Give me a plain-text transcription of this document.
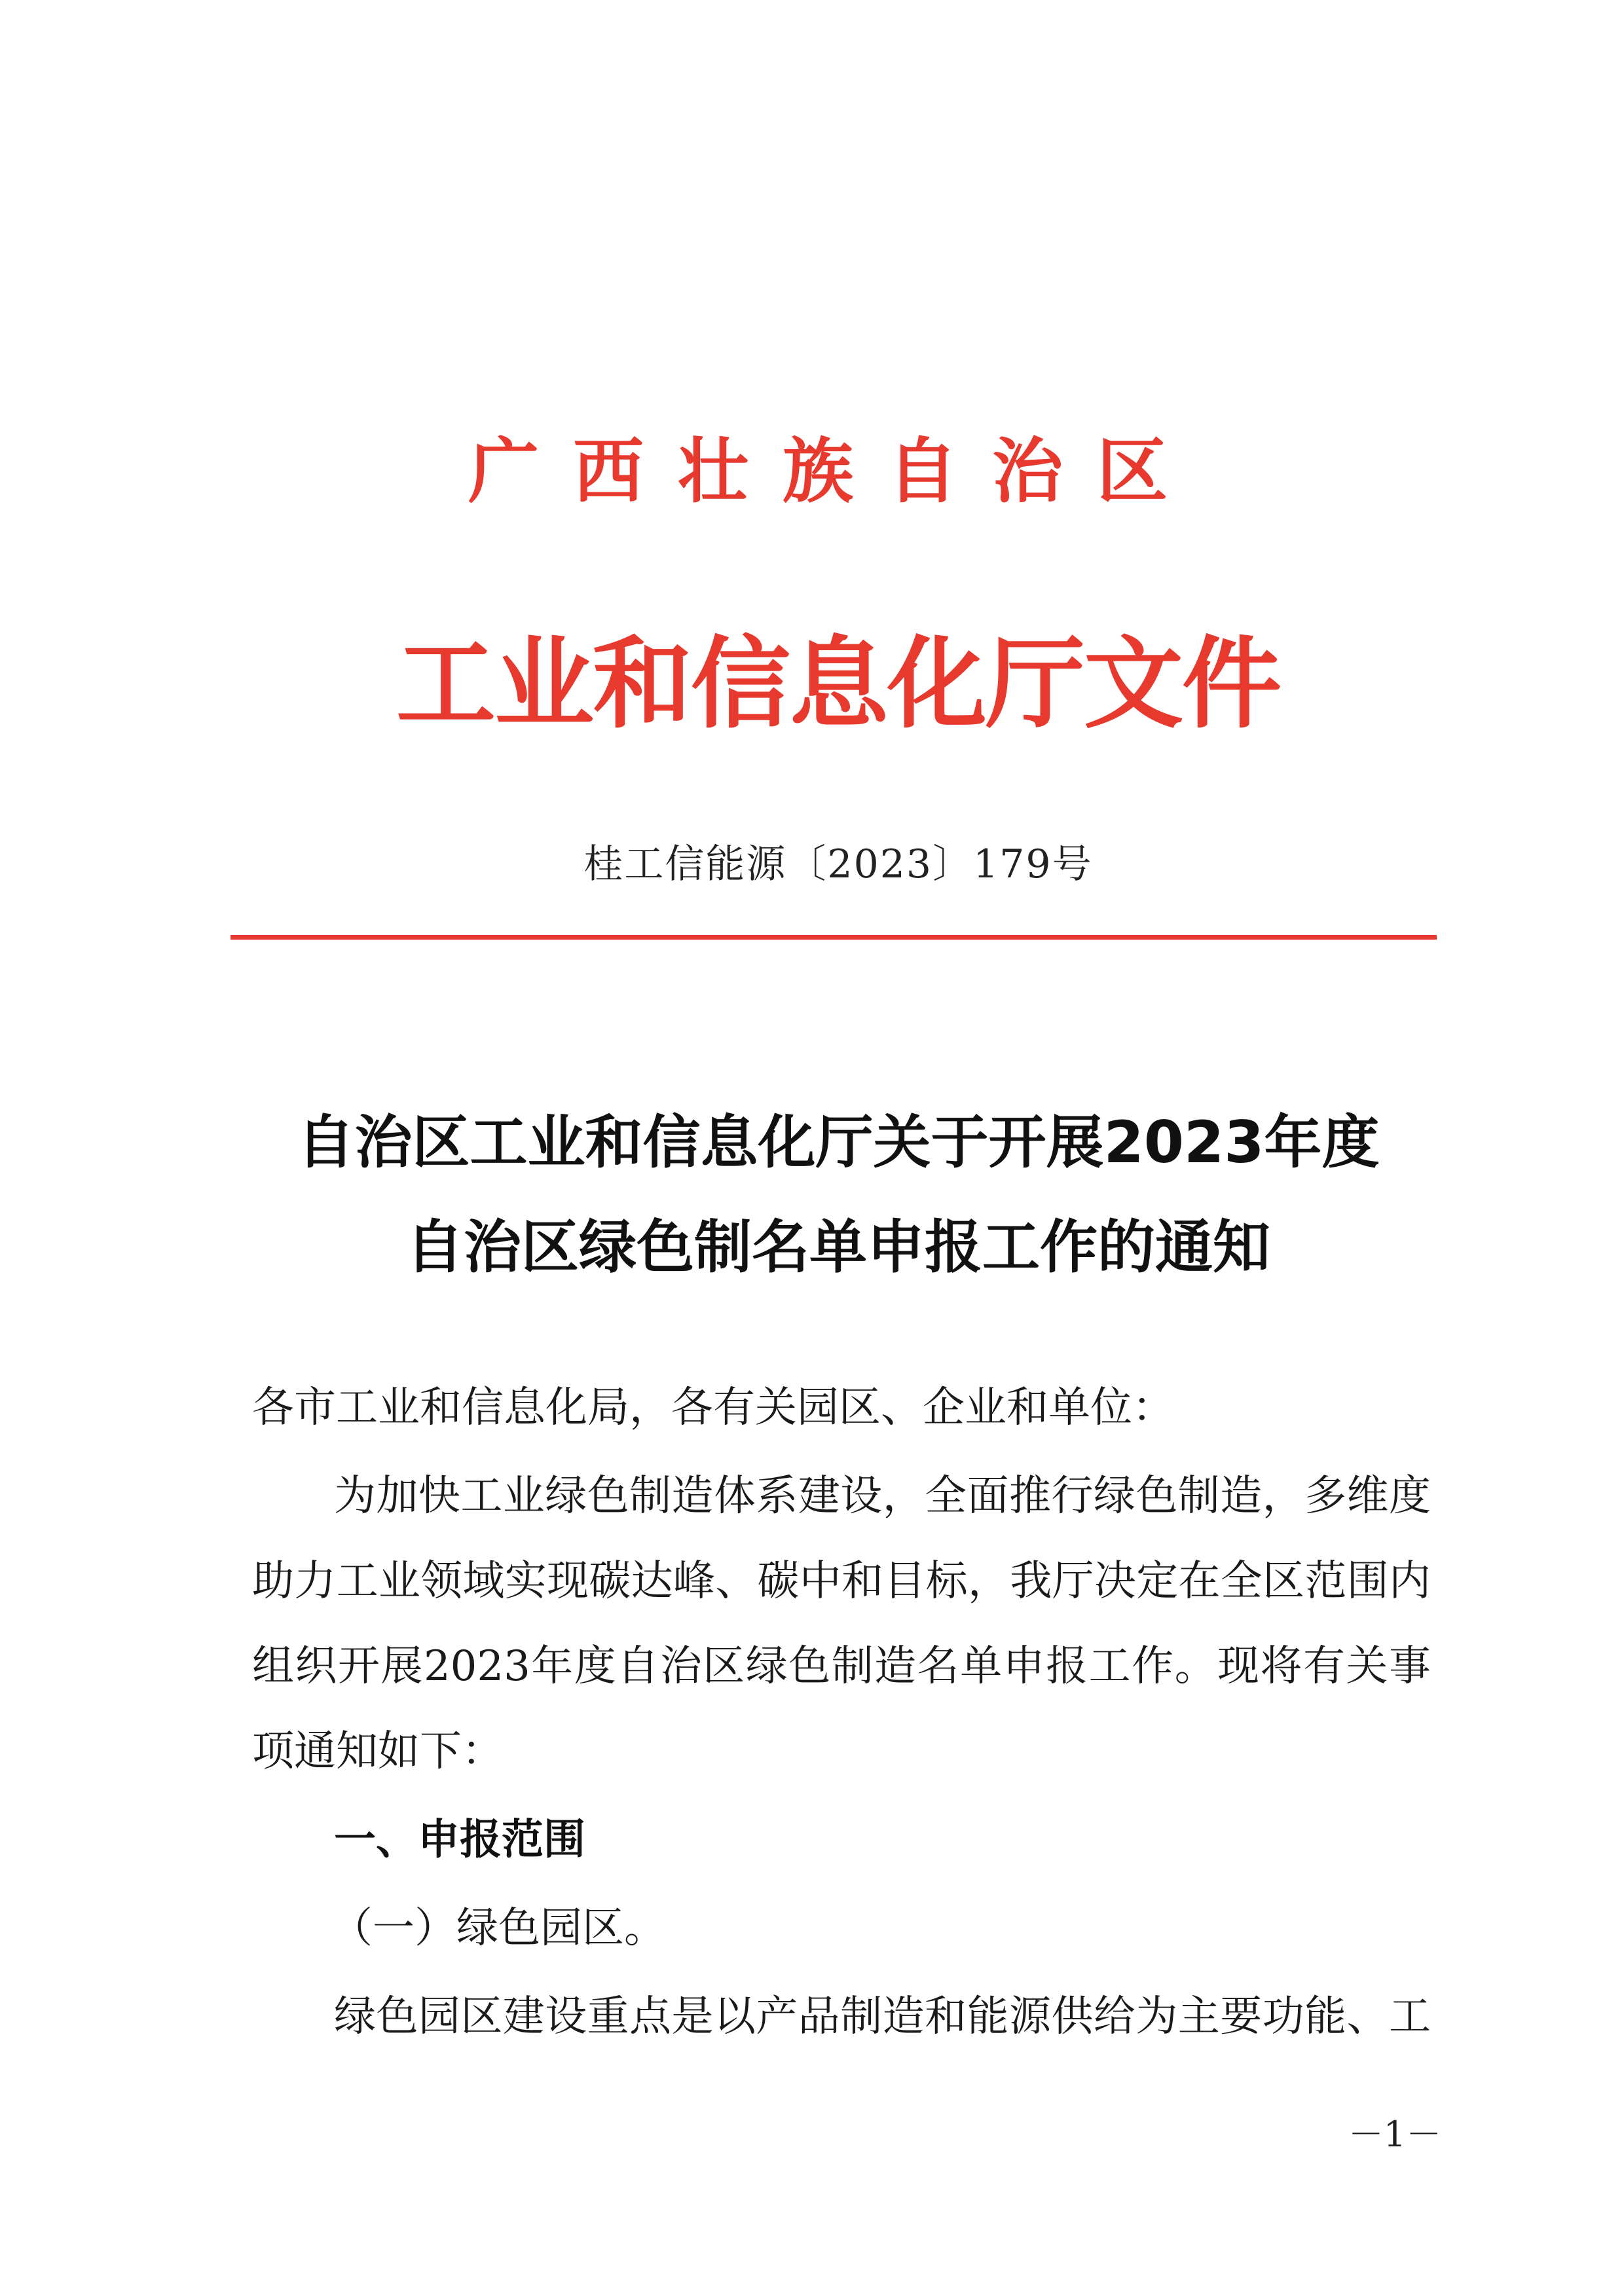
广西壮族自治区
工业和信息化厅文件
桂工信能源〔2023〕179号
自治区工业和信息化厅关于开展2023年度
自治区绿色制名单申报工作的通知
各市工业和信息化局，各有关园区、企业和单位：
为加快工业绿色制造体系建设，全面推行绿色制造，多维度
助力工业领域实现碳达峰、碳中和目标，我厅决定在全区范围内
组织开展2023年度自治区绿色制造名单申报工作。现将有关事
项通知如下：
一、申报范围
（一）绿色园区。
绿色园区建设重点是以产品制造和能源供给为主要功能、工
－1－
